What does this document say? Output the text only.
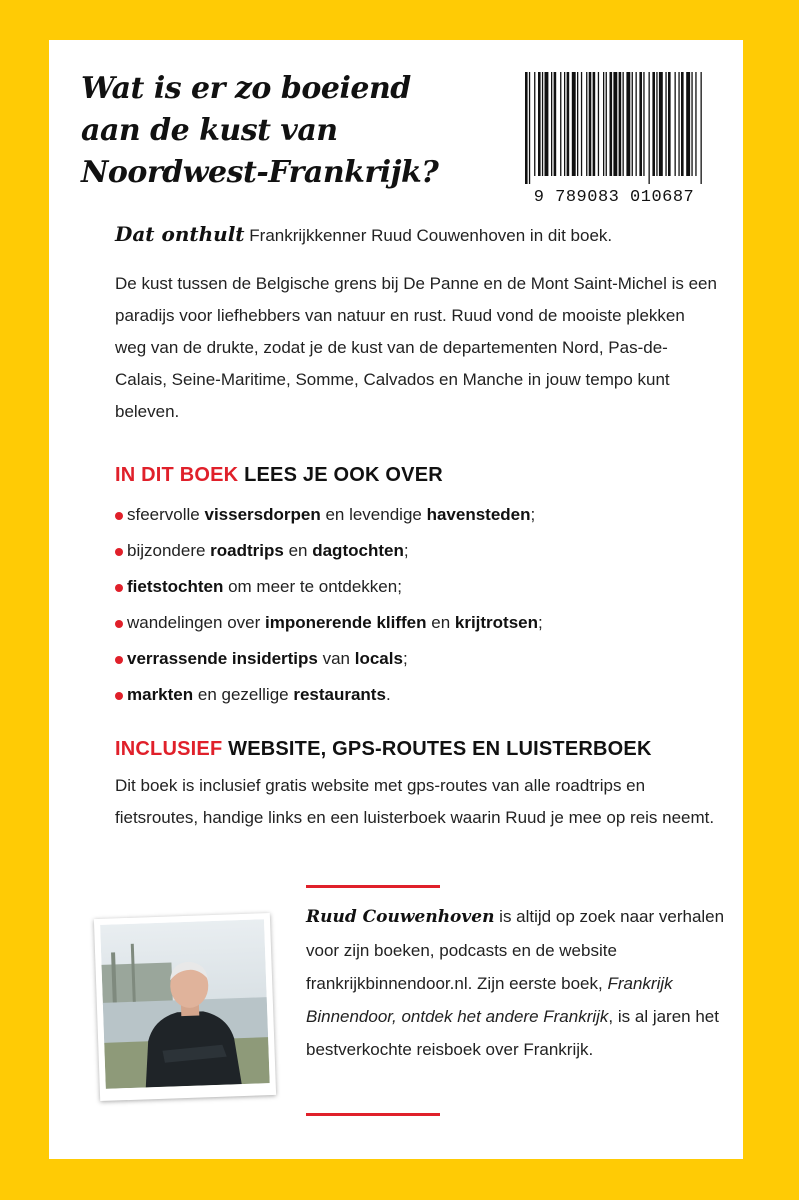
Wat is er zo boeiend
aan de kust van
Noordwest-Frankrijk?
9 789083 010687
Dat onthult Frankrijkkenner Ruud Couwenhoven in dit boek.
De kust tussen de Belgische grens bij De Panne en de Mont Saint-Michel is een paradijs voor liefhebbers van natuur en rust. Ruud vond de mooiste plekken weg van de drukte, zodat je de kust van de departementen Nord, Pas-de-Calais, Seine-Maritime, Somme, Calvados en Manche in jouw tempo kunt beleven.
IN DIT BOEK LEES JE OOK OVER
sfeervolle vissersdorpen en levendige havensteden;
bijzondere roadtrips en dagtochten;
fietstochten om meer te ontdekken;
wandelingen over imponerende kliffen en krijtrotsen;
verrassende insidertips van locals;
markten en gezellige restaurants.
INCLUSIEF WEBSITE, GPS-ROUTES EN LUISTERBOEK
Dit boek is inclusief gratis website met gps-routes van alle roadtrips en fietsroutes, handige links en een luisterboek waarin Ruud je mee op reis neemt.
Ruud Couwenhoven is altijd op zoek naar verhalen voor zijn boeken, podcasts en de website frankrijkbinnendoor.nl. Zijn eerste boek, Frankrijk Binnendoor, ontdek het andere Frankrijk, is al jaren het bestverkochte reisboek over Frankrijk.
